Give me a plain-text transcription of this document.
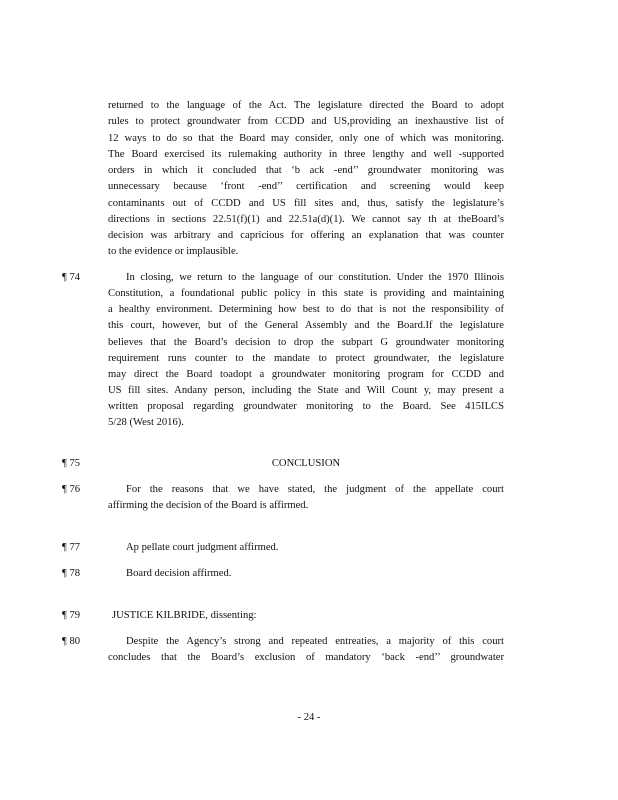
returned to the language of the Act. The legislature directed the Board to adopt
rules to protect groundwater from CCDD and US,providing an inexhaustive list of
12 ways to do so that the Board may consider, only one of which was monitoring.
The Board exercised its rulemaking authority in three lengthy and well -supported
orders in which it concluded that ‘b ack -end’’ groundwater monitoring was
unnecessary because ‘front -end’’ certification and screening would keep
contaminants out of CCDD and US fill sites and, thus, satisfy the legislature’s
directions in sections 22.51(f)(1) and 22.51a(d)(1). We cannot say th at theBoard’s
decision was arbitrary and capricious for offering an explanation that was counter
to the evidence or implausible.
¶ 74	In closing, we return to the language of our constitution. Under the 1970 Illinois
Constitution, a foundational public policy in this state is providing and maintaining
a healthy environment. Determining how best to do that is not the responsibility of
this court, however, but of the General Assembly and the Board.If the legislature
believes that the Board’s decision to drop the subpart G groundwater monitoring
requirement runs counter to the mandate to protect groundwater, the legislature
may direct the Board toadopt a groundwater monitoring program for CCDD and
US fill sites. Andany person, including the State and Will Count y, may present a
written proposal regarding groundwater monitoring to the Board. See 415ILCS
5/28 (West 2016).
¶ 75	CONCLUSION
¶ 76	For the reasons that we have stated, the judgment of the appellate court
affirming the decision of the Board is affirmed.
¶ 77	Ap pellate court judgment affirmed.
¶ 78	Board decision affirmed.
¶ 79	JUSTICE KILBRIDE, dissenting:
¶ 80	Despite the Agency’s strong and repeated entreaties, a majority of this court
concludes that the Board’s exclusion of mandatory ‘back -end’’ groundwater
- 24 -
